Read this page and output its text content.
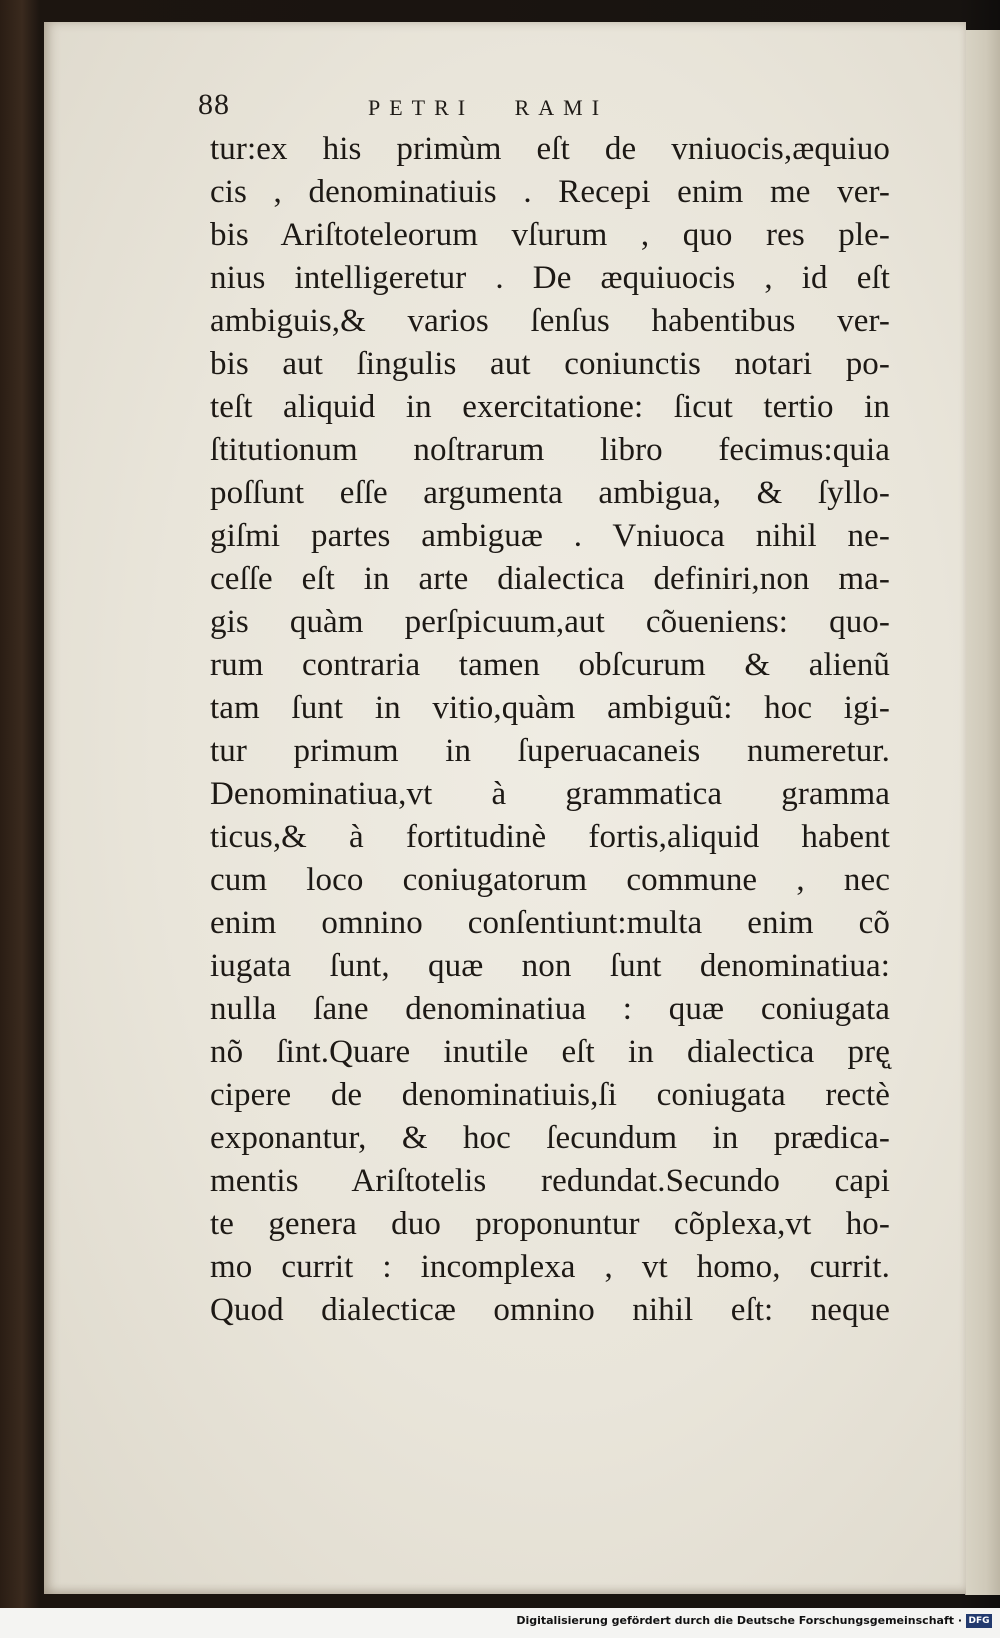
88	PETRI RAMI
tur:ex his primùm eſt de vniuocis,æquiuo
cis , denominatiuis . Recepi enim me ver-
bis Ariſtoteleorum vſurum , quo res ple-
nius intelligeretur . De æquiuocis , id eſt
ambiguis,& varios ſenſus habentibus ver-
bis aut ſingulis aut coniunctis notari po-
teſt aliquid in exercitatione: ſicut tertio in
ſtitutionum noſtrarum libro fecimus:quia
poſſunt eſſe argumenta ambigua, & ſyllo-
giſmi partes ambiguæ . Vniuoca nihil ne-
ceſſe eſt in arte dialectica definiri,non ma-
gis quàm perſpicuum,aut cõueniens: quo-
rum contraria tamen obſcurum & alienũ
tam ſunt in vitio,quàm ambiguũ: hoc igi-
tur primum in ſuperuacaneis numeretur.
Denominatiua,vt à grammatica gramma
ticus,& à fortitudinè fortis,aliquid habent
cum loco coniugatorum commune , nec
enim omnino conſentiunt:multa enim cõ
iugata ſunt, quæ non ſunt denominatiua:
nulla ſane denominatiua : quæ coniugata
nõ ſint.Quare inutile eſt in dialectica pręͅ
cipere de denominatiuis,ſi coniugata rectè
exponantur, & hoc ſecundum in prædica-
mentis Ariſtotelis redundat.Secundo capi
te genera duo proponuntur cõplexa,vt ho-
mo currit : incomplexa , vt homo, currit.
Quod dialecticæ omnino nihil eſt: neque
Digitalisierung gefördert durch die Deutsche Forschungsgemeinschaft · DFG
